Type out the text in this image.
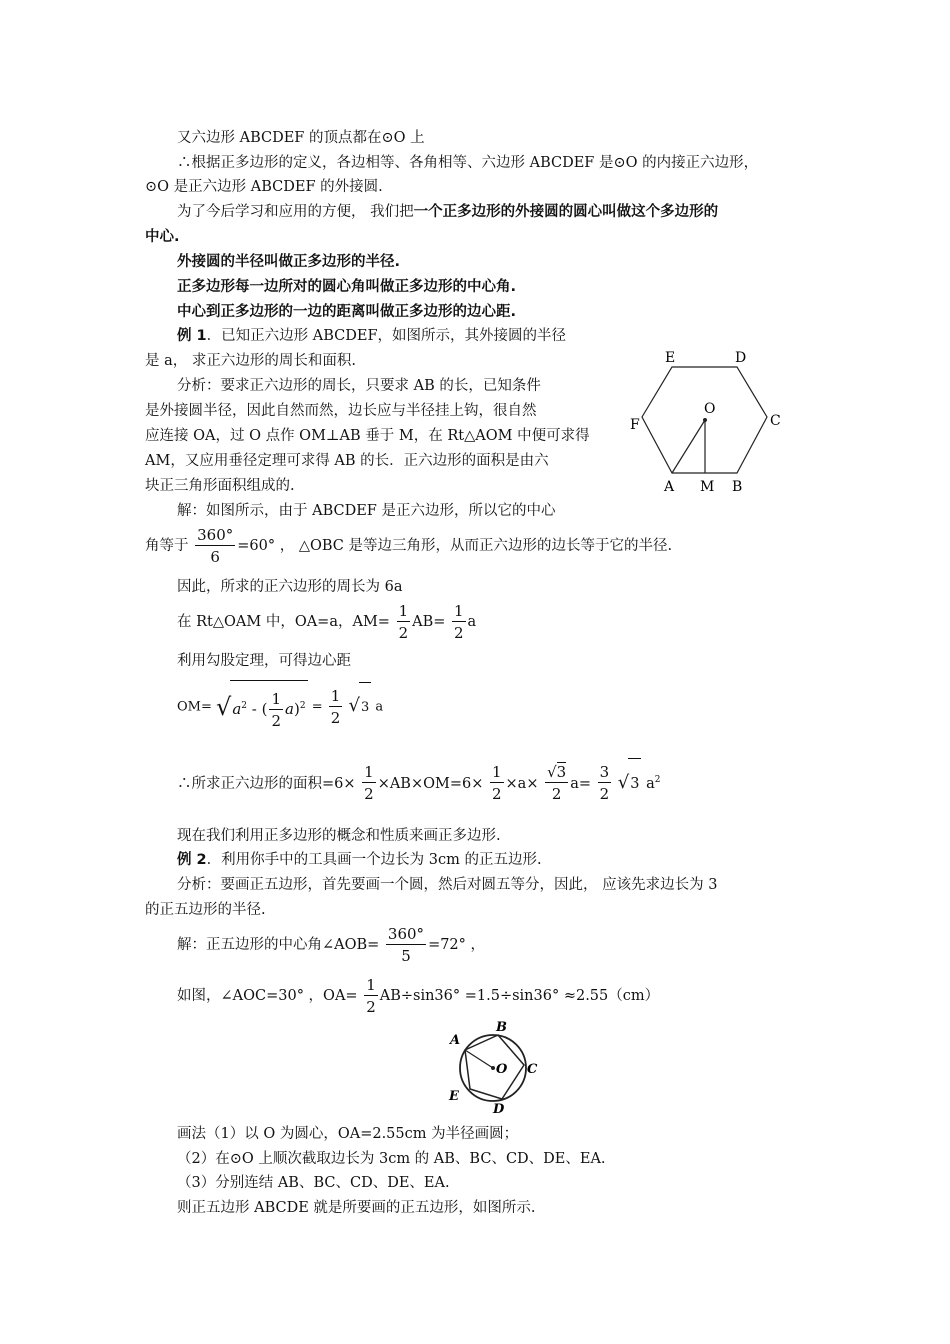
又六边形 ABCDEF 的顶点都在⊙O 上
∴根据正多边形的定义，各边相等、各角相等、六边形 ABCDEF 是⊙O 的内接正六边形，
⊙O 是正六边形 ABCDEF 的外接圆.
为了今后学习和应用的方便， 我们把一个正多边形的外接圆的圆心叫做这个多边形的
中心.
外接圆的半径叫做正多边形的半径.
正多边形每一边所对的圆心角叫做正多边形的中心角.
中心到正多边形的一边的距离叫做正多边形的边心距.
例 1．已知正六边形 ABCDEF，如图所示，其外接圆的半径
是 a， 求正六边形的周长和面积.
分析：要求正六边形的周长，只要求 AB 的长，已知条件
是外接圆半径，因此自然而然，边长应与半径挂上钩，很自然
应连接 OA，过 O 点作 OM⊥AB 垂于 M，在 Rt△AOM 中便可求得
AM，又应用垂径定理可求得 AB 的长．正六边形的面积是由六
块正三角形面积组成的.
解：如图所示，由于 ABCDEF 是正六边形，所以它的中心
E	D
F	C
O
A M B
角等于 $\frac{360^\circ}{6} =60^\circ$ ， △OBC 是等边三角形，从而正六边形的边长等于它的半径.
因此，所求的正六边形的周长为 6a
在 Rt△OAM 中，OA=a，$AM= \frac{1}{2} AB= \frac{1}{2}$ a
利用勾股定理，可得边心距
$OM= √a^2$ - ( $\frac{1}{2} a)^2 = \frac{1}{2} √3$ a
∴所求正六边形的面积$=6\times \frac{1}{2} \times AB\times OM=6\times \frac{1}{2} \times a\times \frac{√3}{2} a= \frac{3}{2} √3$ $a^2$
现在我们利用正多边形的概念和性质来画正多边形.
例 2．利用你手中的工具画一个边长为 3cm 的正五边形.
分析：要画正五边形，首先要画一个圆，然后对圆五等分，因此， 应该先求边长为 3
的正五边形的半径.
解：正五边形的中心角∠AOB= $\frac{360^\circ}{5} =72^\circ$ ，
如图，∠AOC=30° ，$OA= \frac{1}{2} AB\div\sin 36^\circ =1.5\div\sin 36^\circ \approx 2.55(cm)$
A
B
C
D
E
O
画法（1）以 O 为圆心，OA=2.55cm 为半径画圆；
（2）在⊙O 上顺次截取边长为 3cm 的 AB、BC、CD、DE、EA.
（3）分别连结 AB、BC、CD、DE、EA.
则正五边形 ABCDE 就是所要画的正五边形，如图所示.
